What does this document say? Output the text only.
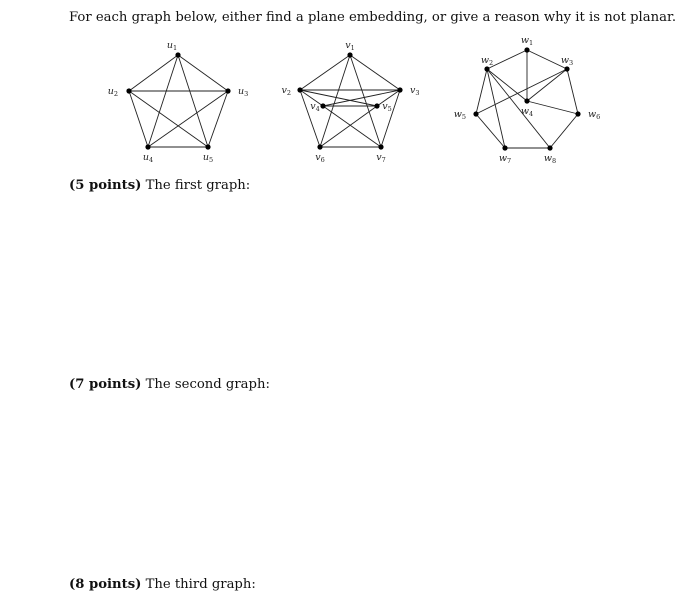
For each graph below, either find a plane embedding, or give a reason why it is not planar.
$u_1$
$u_2$	$u_3$
$u_4$	$u_5$
$v_1$
$v_2$	$v_3$
$v_4$	$v_5$
$v_6$	$v_7$
$w_1$
$w_2$	$w_3$
$w_4$
$w_5$	$w_6$
$w_7$	$w_8$
(5 points) The first graph:
(7 points) The second graph:
(8 points) The third graph:
